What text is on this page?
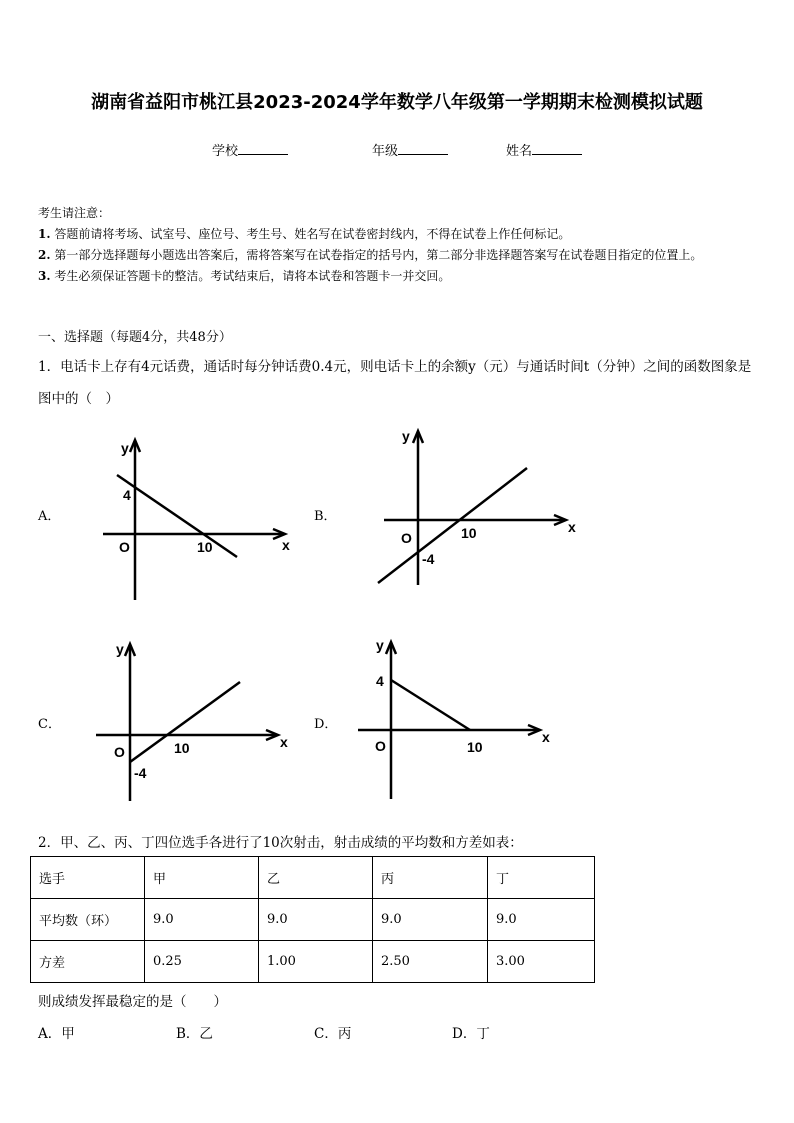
湖南省益阳市桃江县2023-2024学年数学八年级第一学期期末检测模拟试题
学校	年级	姓名
考生请注意：
1. 答题前请将考场、试室号、座位号、考生号、姓名写在试卷密封线内，不得在试卷上作任何标记。
2. 第一部分选择题每小题选出答案后，需将答案写在试卷指定的括号内，第二部分非选择题答案写在试卷题目指定的位置上。
3. 考生必须保证答题卡的整洁。考试结束后，请将本试卷和答题卡一并交回。
一、选择题（每题4分，共48分）
1．电话卡上存有4元话费，通话时每分钟话费0.4元，则电话卡上的余额y（元）与通话时间t（分钟）之间的函数图象是图中的（　）
A．	B．
C．	D．
y
x
O
4
10
y
x
O
-4
10
y
x
O
-4
10
y
x
O
4
10
2．甲、乙、丙、丁四位选手各进行了10次射击，射击成绩的平均数和方差如表：
选手	甲	乙	丙	丁
平均数（环）	9.0	9.0	9.0	9.0
方差	0.25	1.00	2.50	3.00
则成绩发挥最稳定的是（　　）
A．甲	B．乙	C．丙	D．丁
